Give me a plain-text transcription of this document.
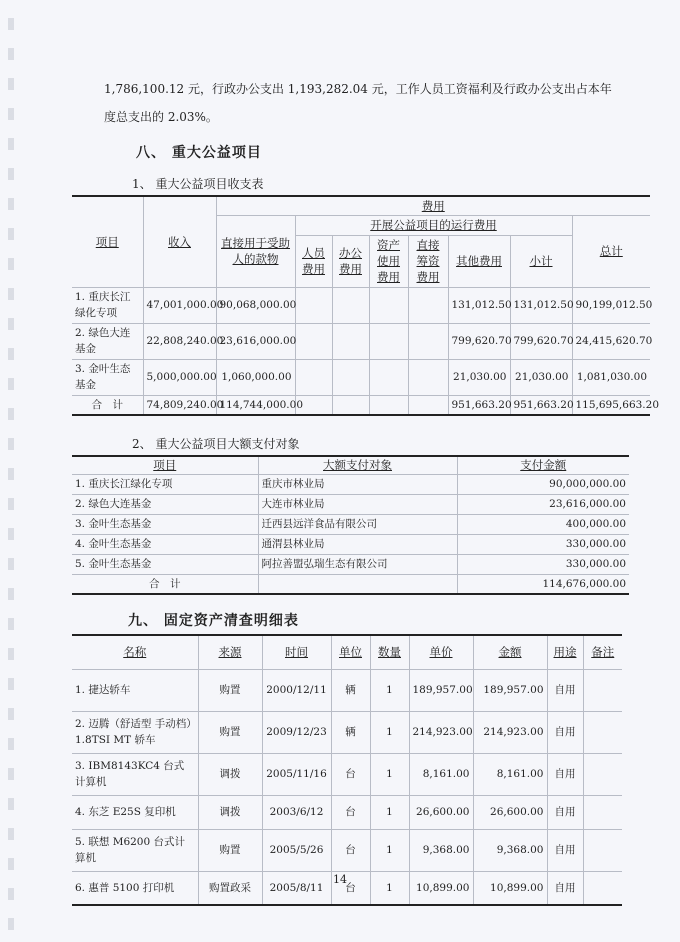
1,786,100.12 元，行政办公支出 1,193,282.04 元，工作人员工资福利及行政办公支出占本年
度总支出的 2.03%。
八、 重大公益项目
1、 重大公益项目收支表
项目	收入	费用							
		直接用于受助人的款物	开展公益项目的运行费用						总计
			人员费用	办公费用	资产使用费用	直接筹资费用	其他费用	小计	
1. 重庆长江绿化专项	47,001,000.00	90,068,000.00					131,012.50	131,012.50	90,199,012.50
2. 绿色大连基金	22,808,240.00	23,616,000.00					799,620.70	799,620.70	24,415,620.70
3. 金叶生态基金	5,000,000.00	1,060,000.00					21,030.00	21,030.00	1,081,030.00
合　计	74,809,240.00	114,744,000.00					951,663.20	951,663.20	115,695,663.20
2、 重大公益项目大额支付对象
项目	大额支付对象	支付金额
1. 重庆长江绿化专项	重庆市林业局	90,000,000.00
2. 绿色大连基金	大连市林业局	23,616,000.00
3. 金叶生态基金	迁西县远洋食品有限公司	400,000.00
4. 金叶生态基金	通渭县林业局	330,000.00
5. 金叶生态基金	阿拉善盟弘瑞生态有限公司	330,000.00
合　计		114,676,000.00
九、 固定资产清查明细表
名称	来源	时间	单位	数量	单价	金额	用途	备注
1. 捷达轿车	购置	2000/12/11	辆	1	189,957.00	189,957.00	自用	
2. 迈腾（舒适型 手动档）1.8TSI MT 轿车	购置	2009/12/23	辆	1	214,923.00	214,923.00	自用	
3. IBM8143KC4 台式计算机	调拨	2005/11/16	台	1	8,161.00	8,161.00	自用	
4. 东芝 E25S 复印机	调拨	2003/6/12	台	1	26,600.00	26,600.00	自用	
5. 联想 M6200 台式计算机	购置	2005/5/26	台	1	9,368.00	9,368.00	自用	
6. 惠普 5100 打印机	购置政采	2005/8/11	台	1	10,899.00	10,899.00	自用	
14
